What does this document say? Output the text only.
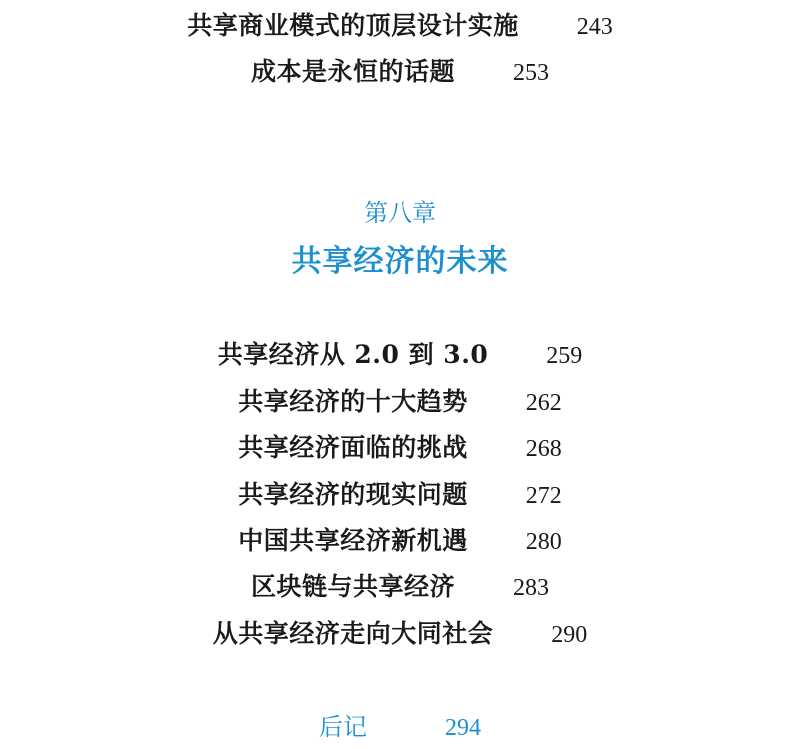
共享商业模式的顶层设计实施 243
成本是永恒的话题 253
第八章
共享经济的未来
共享经济从 2.0 到 3.0 259
共享经济的十大趋势 262
共享经济面临的挑战 268
共享经济的现实问题 272
中国共享经济新机遇 280
区块链与共享经济 283
从共享经济走向大同社会 290
后记	294
